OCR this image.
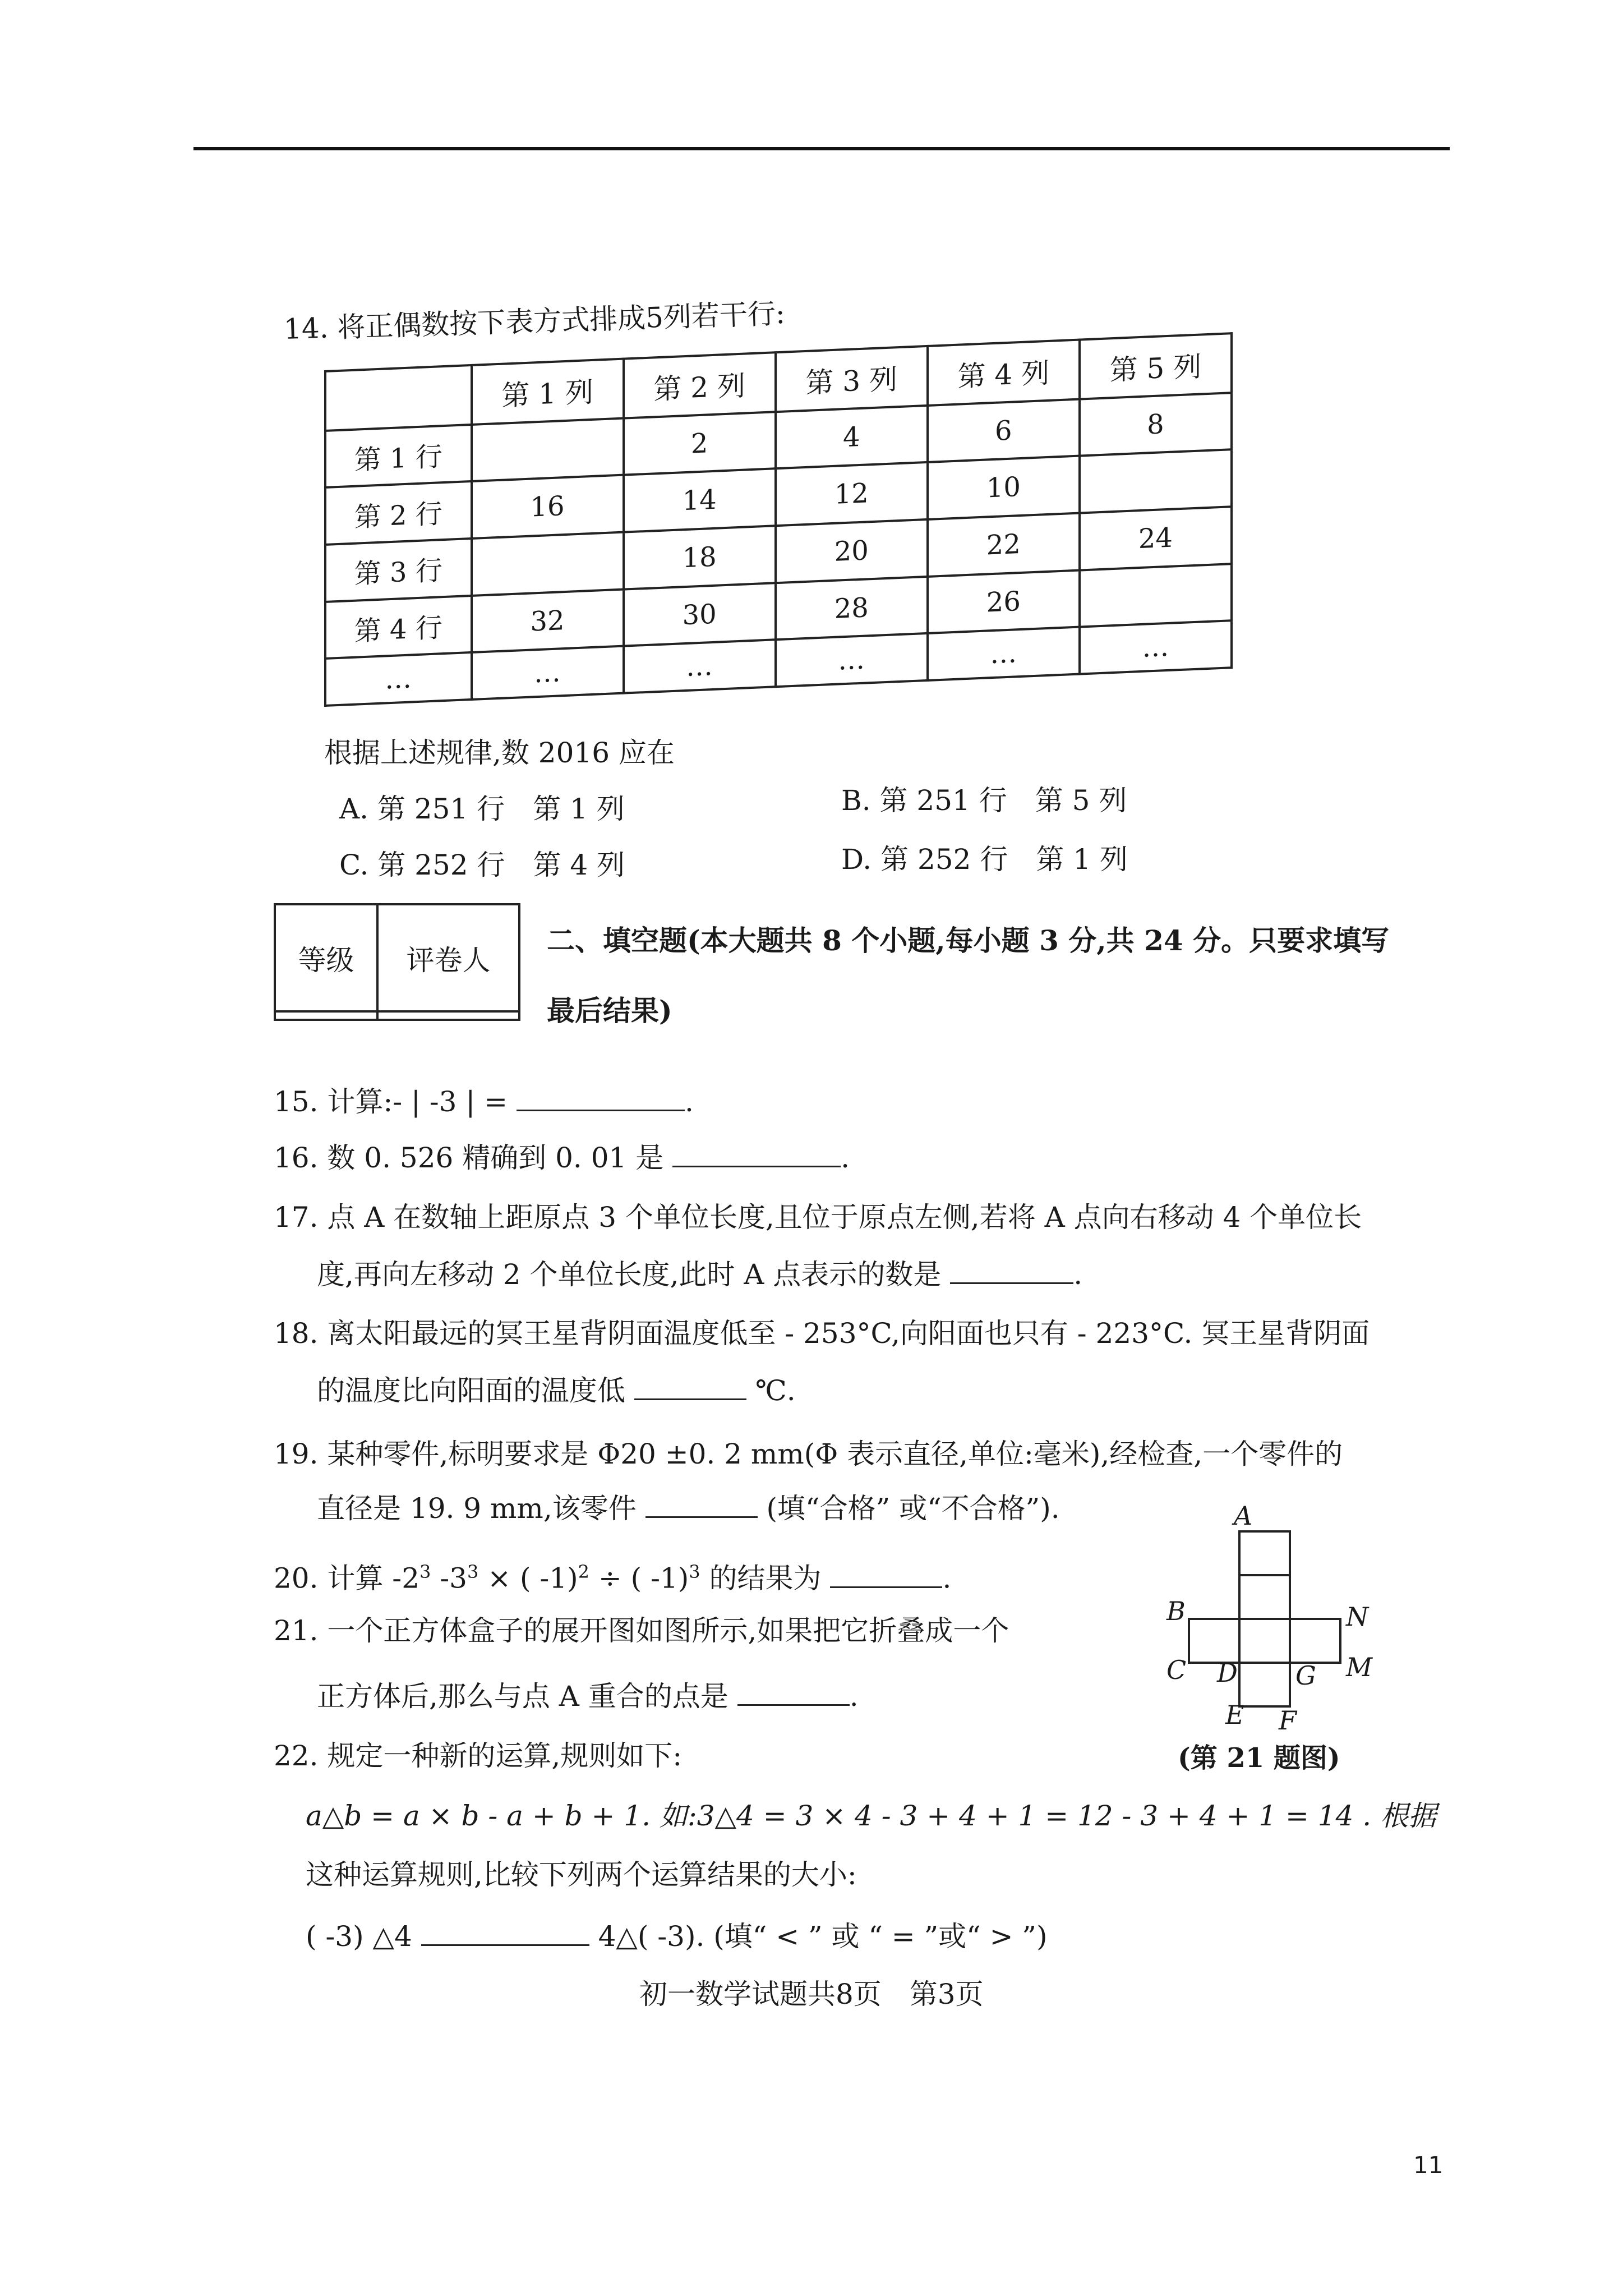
14. 将正偶数按下表方式排成5列若干行:
	第 1 列	第 2 列	第 3 列	第 4 列	第 5 列
第 1 行		2	4	6	8
第 2 行	16	14	12	10	
第 3 行		18	20	22	24
第 4 行	32	30	28	26	
…	…	…	…	…	…
根据上述规律,数 2016 应在
A. 第 251 行　第 1 列	B. 第 251 行　第 5 列
C. 第 252 行　第 4 列	D. 第 252 行　第 1 列
等级	评卷人

二、填空题(本大题共 8 个小题,每小题 3 分,共 24 分。只要求填写
最后结果)
15. 计算:- | -3 | =	.
16. 数 0. 526 精确到 0. 01 是	.
17. 点 A 在数轴上距原点 3 个单位长度,且位于原点左侧,若将 A 点向右移动 4 个单位长
度,再向左移动 2 个单位长度,此时 A 点表示的数是	.
18. 离太阳最远的冥王星背阴面温度低至 - 253°C,向阳面也只有 - 223°C. 冥王星背阴面
的温度比向阳面的温度低	℃.
19. 某种零件,标明要求是 Φ20 ±0. 2 mm(Φ 表示直径,单位:毫米),经检查,一个零件的
直径是 19. 9 mm,该零件	(填“合格” 或“不合格”).
20. 计算 $-2^3$ $-3^3$ × ( -1)$^2$ ÷ ( -1)$^3$ 的结果为	.
21. 一个正方体盒子的展开图如图所示,如果把它折叠成一个
正方体后,那么与点 A 重合的点是	.
A
B	N
C D G M
E F
(第 21 题图)
22. 规定一种新的运算,规则如下:
a△b = a × b - a + b + 1. 如:3△4 = 3 × 4 - 3 + 4 + 1 = 12 - 3 + 4 + 1 = 14 . 根据
这种运算规则,比较下列两个运算结果的大小:
( -3) △4	4△( -3). (填“ < ” 或 “ = ”或“ > ”)
初一数学试题共8页　第3页
11
